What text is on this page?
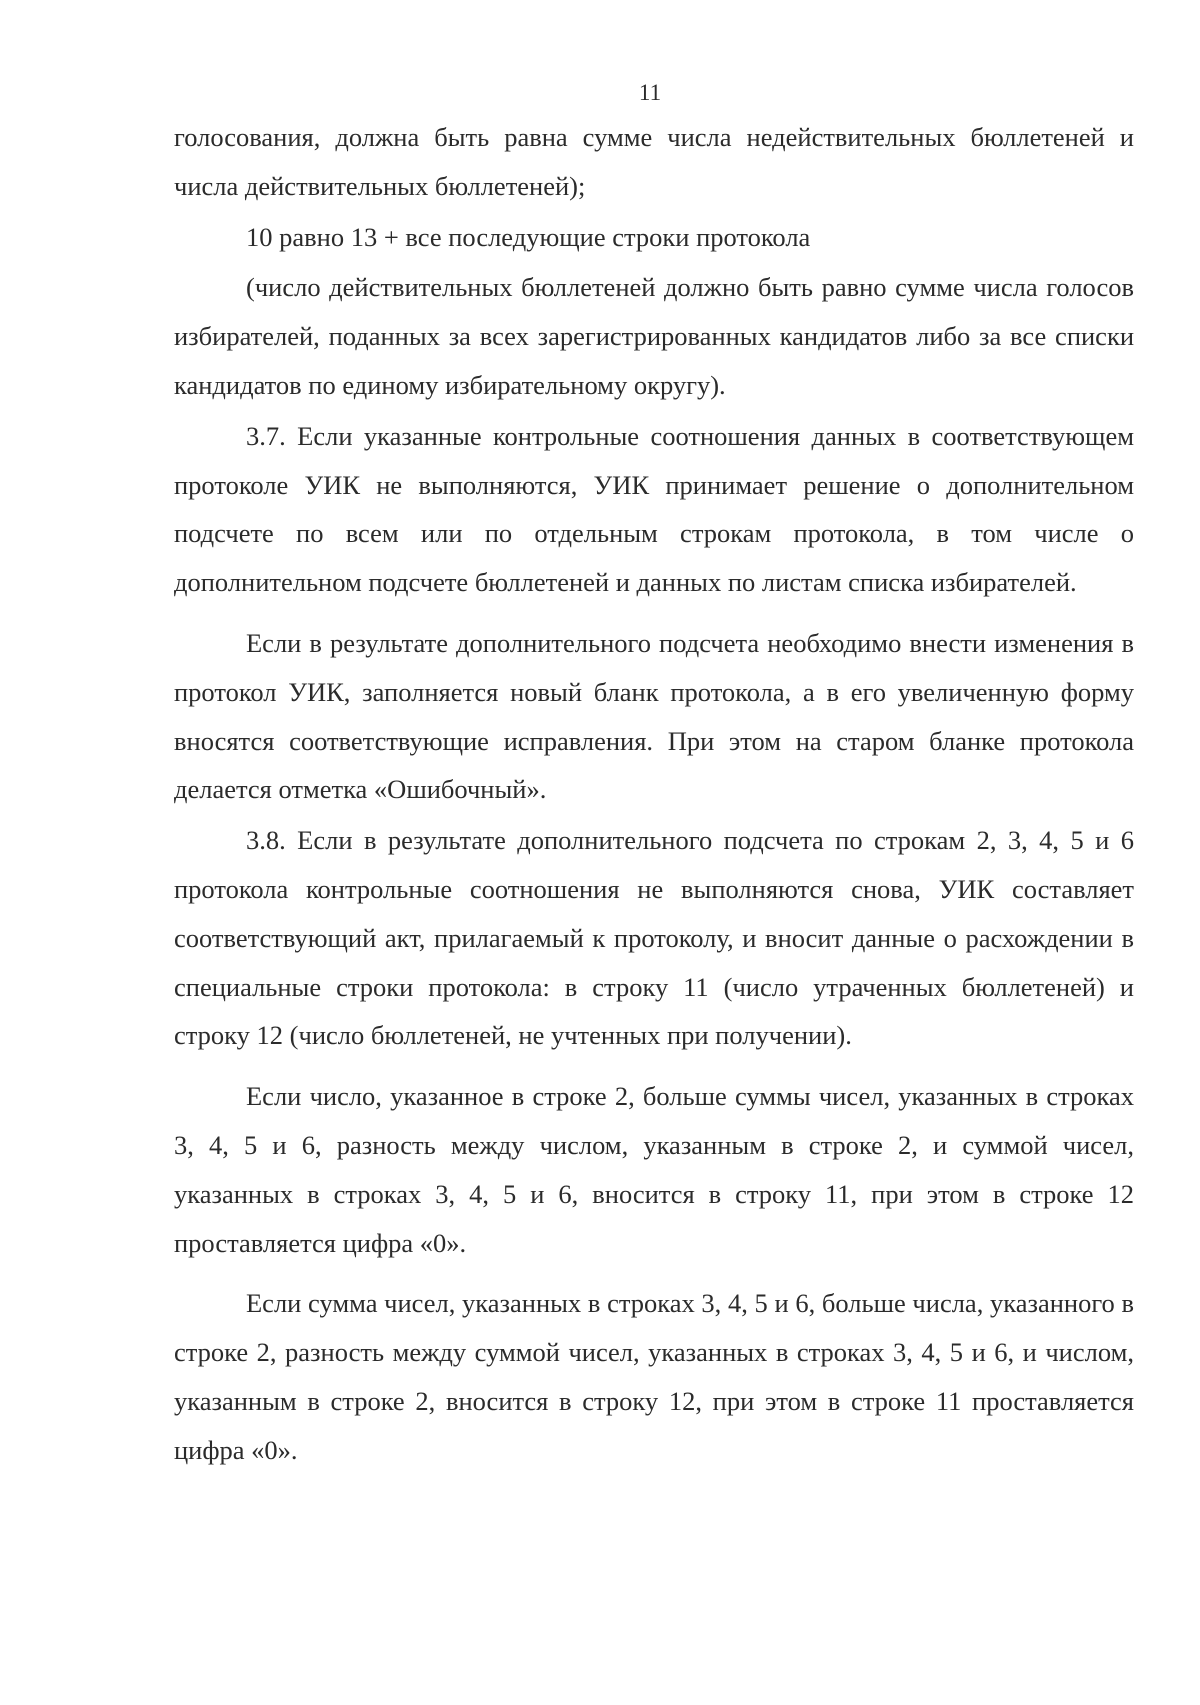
11

голосования, должна быть равна сумме числа недействительных бюллетеней и числа действительных бюллетеней);

10 равно 13 + все последующие строки протокола

(число действительных бюллетеней должно быть равно сумме числа голосов избирателей, поданных за всех зарегистрированных кандидатов либо за все списки кандидатов по единому избирательному округу).

3.7. Если указанные контрольные соотношения данных в соответствующем протоколе УИК не выполняются, УИК принимает решение о дополнительном подсчете по всем или по отдельным строкам протокола, в том числе о дополнительном подсчете бюллетеней и данных по листам списка избирателей.

Если в результате дополнительного подсчета необходимо внести изменения в протокол УИК, заполняется новый бланк протокола, а в его увеличенную форму вносятся соответствующие исправления. При этом на старом бланке протокола делается отметка «Ошибочный».

3.8. Если в результате дополнительного подсчета по строкам 2, 3, 4, 5 и 6 протокола контрольные соотношения не выполняются снова, УИК составляет соответствующий акт, прилагаемый к протоколу, и вносит данные о расхождении в специальные строки протокола: в строку 11 (число утраченных бюллетеней) и строку 12 (число бюллетеней, не учтенных при получении).

Если число, указанное в строке 2, больше суммы чисел, указанных в строках 3, 4, 5 и 6, разность между числом, указанным в строке 2, и суммой чисел, указанных в строках 3, 4, 5 и 6, вносится в строку 11, при этом в строке 12 проставляется цифра «0».

Если сумма чисел, указанных в строках 3, 4, 5 и 6, больше числа, указанного в строке 2, разность между суммой чисел, указанных в строках 3, 4, 5 и 6, и числом, указанным в строке 2, вносится в строку 12, при этом в строке 11 проставляется цифра «0».
